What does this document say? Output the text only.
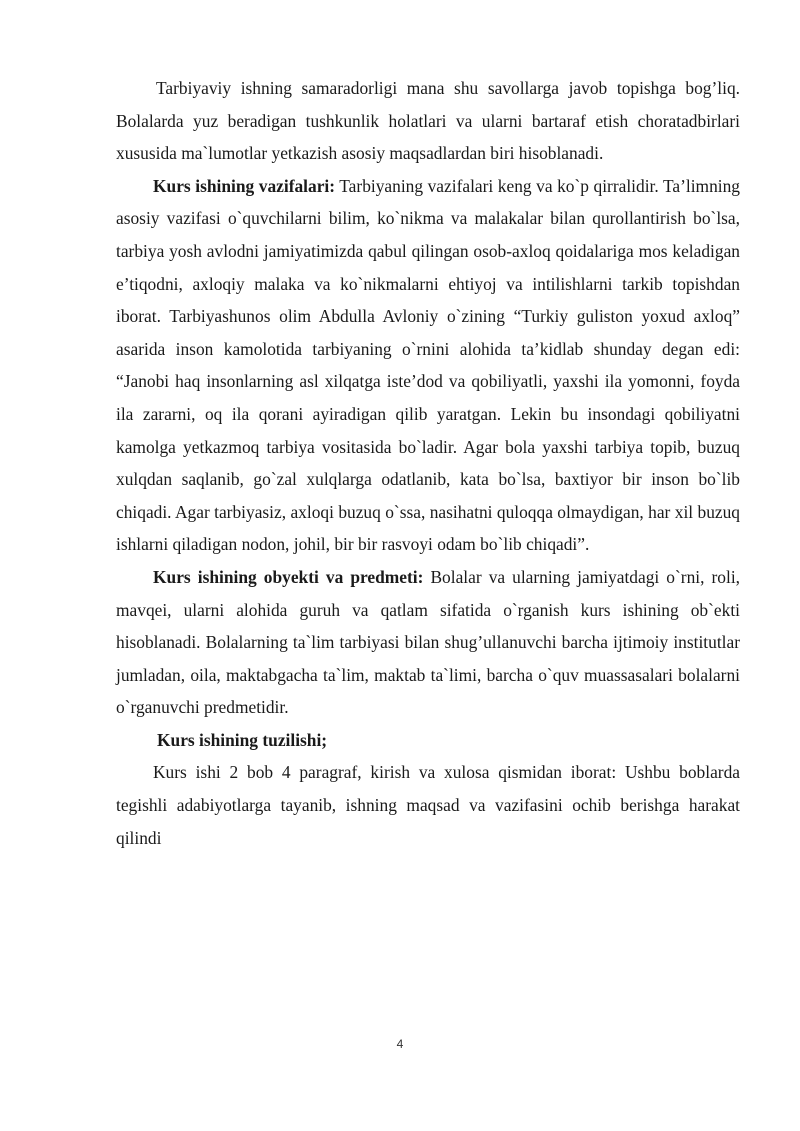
Tarbiyaviy ishning samaradorligi mana shu savollarga javob topishga bog’liq. Bolalarda yuz beradigan tushkunlik holatlari va ularni bartaraf etish choratadbirlari xususida ma`lumotlar yetkazish asosiy maqsadlardan biri hisoblanadi.

Kurs ishining vazifalari: Tarbiyaning vazifalari keng va ko`p qirralidir. Ta’limning asosiy vazifasi o`quvchilarni bilim, ko`nikma va malakalar bilan qurollantirish bo`lsa, tarbiya yosh avlodni jamiyatimizda qabul qilingan osob-axloq qoidalariga mos keladigan e’tiqodni, axloqiy malaka va ko`nikmalarni ehtiyoj va intilishlarni tarkib topishdan iborat. Tarbiyashunos olim Abdulla Avloniy o`zining “Turkiy guliston yoxud axloq” asarida inson kamolotida tarbiyaning o`rnini alohida ta’kidlab shunday degan edi: “Janobi haq insonlarning asl xilqatga iste’dod va qobiliyatli, yaxshi ila yomonni, foyda ila zararni, oq ila qorani ayiradigan qilib yaratgan. Lekin bu insondagi qobiliyatni kamolga yetkazmoq tarbiya vositasida bo`ladir. Agar bola yaxshi tarbiya topib, buzuq xulqdan saqlanib, go`zal xulqlarga odatlanib, kata bo`lsa, baxtiyor bir inson bo`lib chiqadi. Agar tarbiyasiz, axloqi buzuq o`ssa, nasihatni quloqqa olmaydigan, har xil buzuq ishlarni qiladigan nodon, johil, bir bir rasvoyi odam bo`lib chiqadi”.

Kurs ishining obyekti va predmeti: Bolalar va ularning jamiyatdagi o`rni, roli, mavqei, ularni alohida guruh va qatlam sifatida o`rganish kurs ishining ob`ekti hisoblanadi. Bolalarning ta`lim tarbiyasi bilan shug’ullanuvchi barcha ijtimoiy institutlar jumladan, oila, maktabgacha ta`lim, maktab ta`limi, barcha o`quv muassasalari bolalarni o`rganuvchi predmetidir.

Kurs ishining tuzilishi;

Kurs ishi 2 bob 4 paragraf, kirish va xulosa qismidan iborat: Ushbu boblarda tegishli adabiyotlarga tayanib, ishning maqsad va vazifasini ochib berishga harakat qilindi

4
